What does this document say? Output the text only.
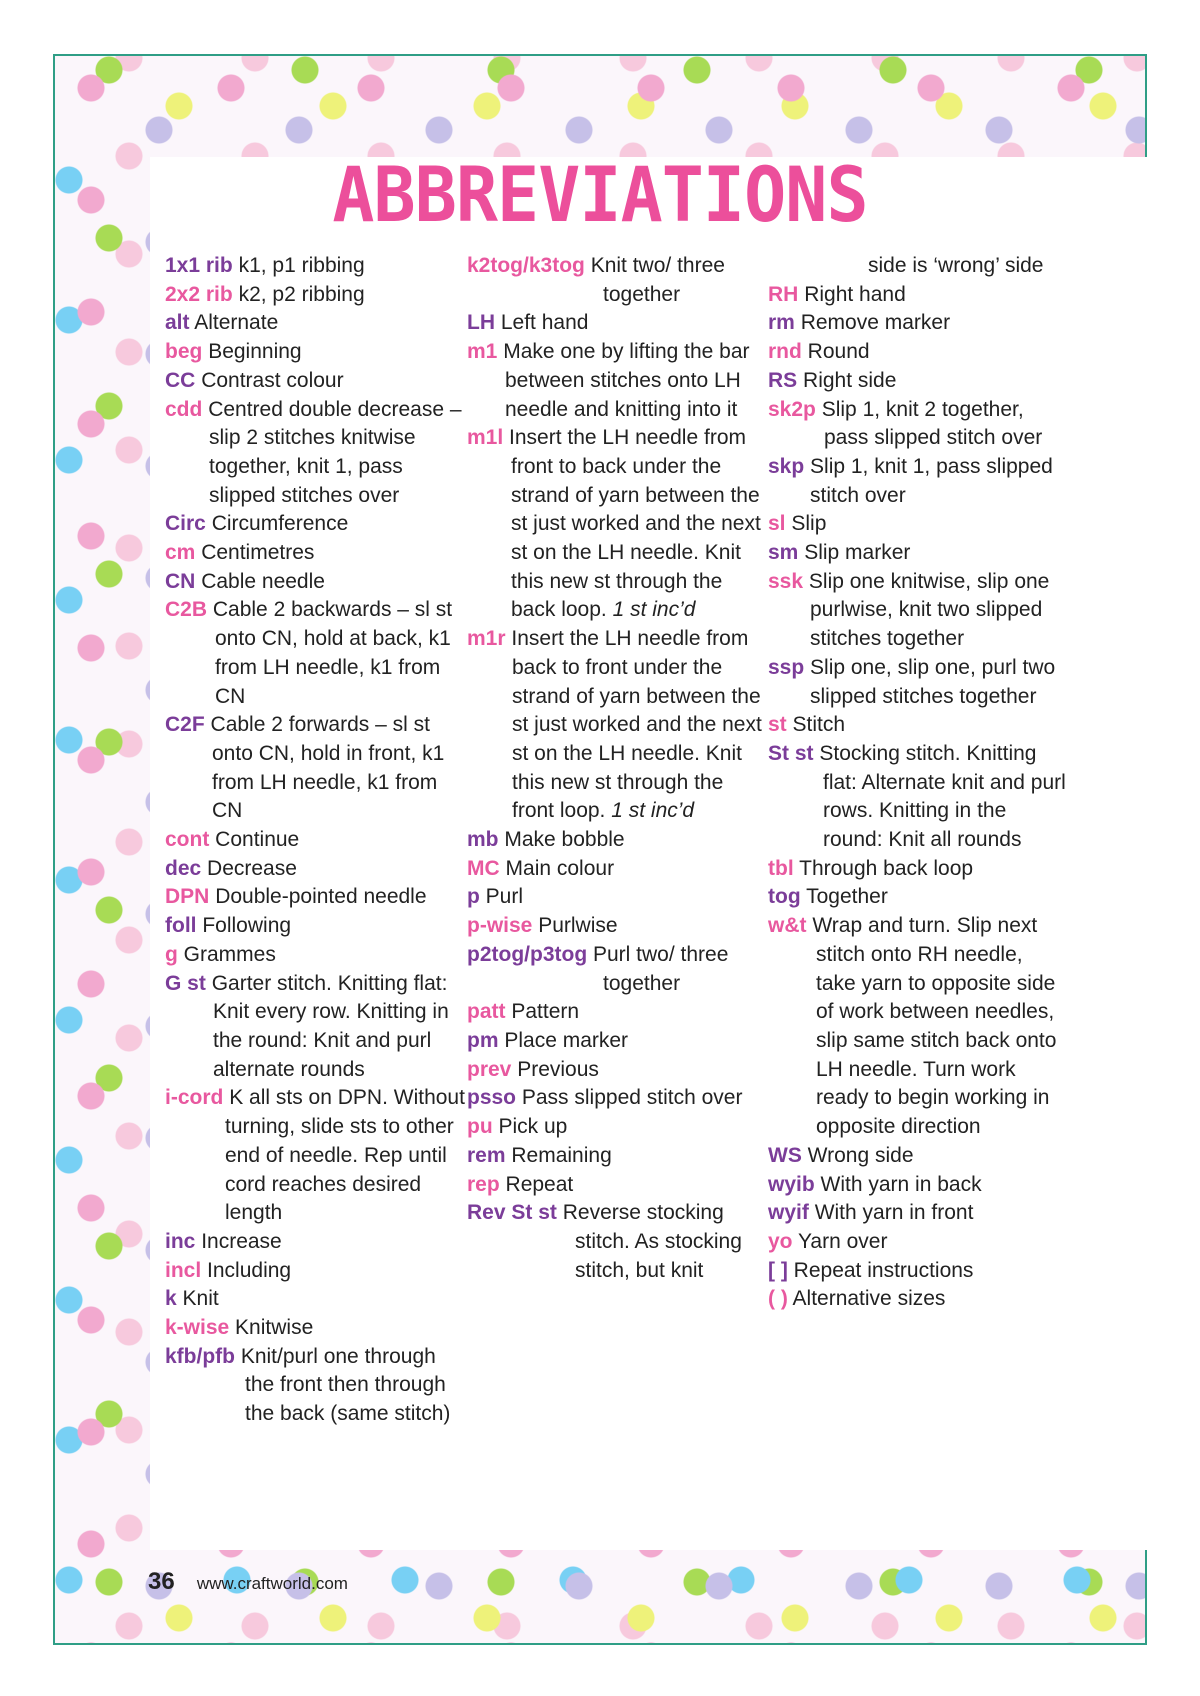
ABBREVIATIONS
1x1 rib k1, p1 ribbing
2x2 rib k2, p2 ribbing
alt Alternate
beg Beginning
CC Contrast colour
cdd Centred double decrease – slip 2 stitches knitwise together, knit 1, pass slipped stitches over
Circ Circumference
cm Centimetres
CN Cable needle
C2B Cable 2 backwards – sl st onto CN, hold at back, k1 from LH needle, k1 from CN
C2F Cable 2 forwards – sl st onto CN, hold in front, k1 from LH needle, k1 from CN
cont Continue
dec Decrease
DPN Double-pointed needle
foll Following
g Grammes
G st Garter stitch. Knitting flat: Knit every row. Knitting in the round: Knit and purl alternate rounds
i-cord K all sts on DPN. Without turning, slide sts to other end of needle. Rep until cord reaches desired length
inc Increase
incl Including
k Knit
k-wise Knitwise
kfb/pfb Knit/purl one through the front then through the back (same stitch)
k2tog/k3tog Knit two/ three together
LH Left hand
m1 Make one by lifting the bar between stitches onto LH needle and knitting into it
m1l Insert the LH needle from front to back under the strand of yarn between the st just worked and the next st on the LH needle. Knit this new st through the back loop. 1 st inc’d
m1r Insert the LH needle from back to front under the strand of yarn between the st just worked and the next st on the LH needle. Knit this new st through the front loop. 1 st inc’d
mb Make bobble
MC Main colour
p Purl
p-wise Purlwise
p2tog/p3tog Purl two/ three together
patt Pattern
pm Place marker
prev Previous
psso Pass slipped stitch over
pu Pick up
rem Remaining
rep Repeat
Rev St st Reverse stocking stitch. As stocking stitch, but knit
side is ‘wrong’ side
RH Right hand
rm Remove marker
rnd Round
RS Right side
sk2p Slip 1, knit 2 together, pass slipped stitch over
skp Slip 1, knit 1, pass slipped stitch over
sl Slip
sm Slip marker
ssk Slip one knitwise, slip one purlwise, knit two slipped stitches together
ssp Slip one, slip one, purl two slipped stitches together
st Stitch
St st Stocking stitch. Knitting flat: Alternate knit and purl rows. Knitting in the round: Knit all rounds
tbl Through back loop
tog Together
w&t Wrap and turn. Slip next stitch onto RH needle, take yarn to opposite side of work between needles, slip same stitch back onto LH needle. Turn work ready to begin working in opposite direction
WS Wrong side
wyib With yarn in back
wyif With yarn in front
yo Yarn over
[ ] Repeat instructions
( ) Alternative sizes
36 www.craftworld.com
